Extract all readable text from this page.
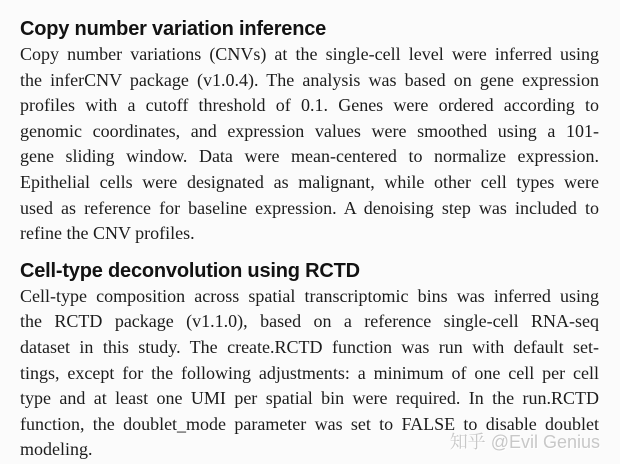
Copy number variation inference
Copy number variations (CNVs) at the single-cell level were inferred using
the inferCNV package (v1.0.4). The analysis was based on gene expression
profiles with a cutoff threshold of 0.1. Genes were ordered according to
genomic coordinates, and expression values were smoothed using a 101-
gene sliding window. Data were mean-centered to normalize expression.
Epithelial cells were designated as malignant, while other cell types were
used as reference for baseline expression. A denoising step was included to
refine the CNV profiles.
Cell-type deconvolution using RCTD
Cell-type composition across spatial transcriptomic bins was inferred using
the RCTD package (v1.1.0), based on a reference single-cell RNA-seq
dataset in this study. The create.RCTD function was run with default set-
tings, except for the following adjustments: a minimum of one cell per cell
type and at least one UMI per spatial bin were required. In the run.RCTD
function, the doublet_mode parameter was set to FALSE to disable doublet
modeling.	知乎 @Evil Genius
